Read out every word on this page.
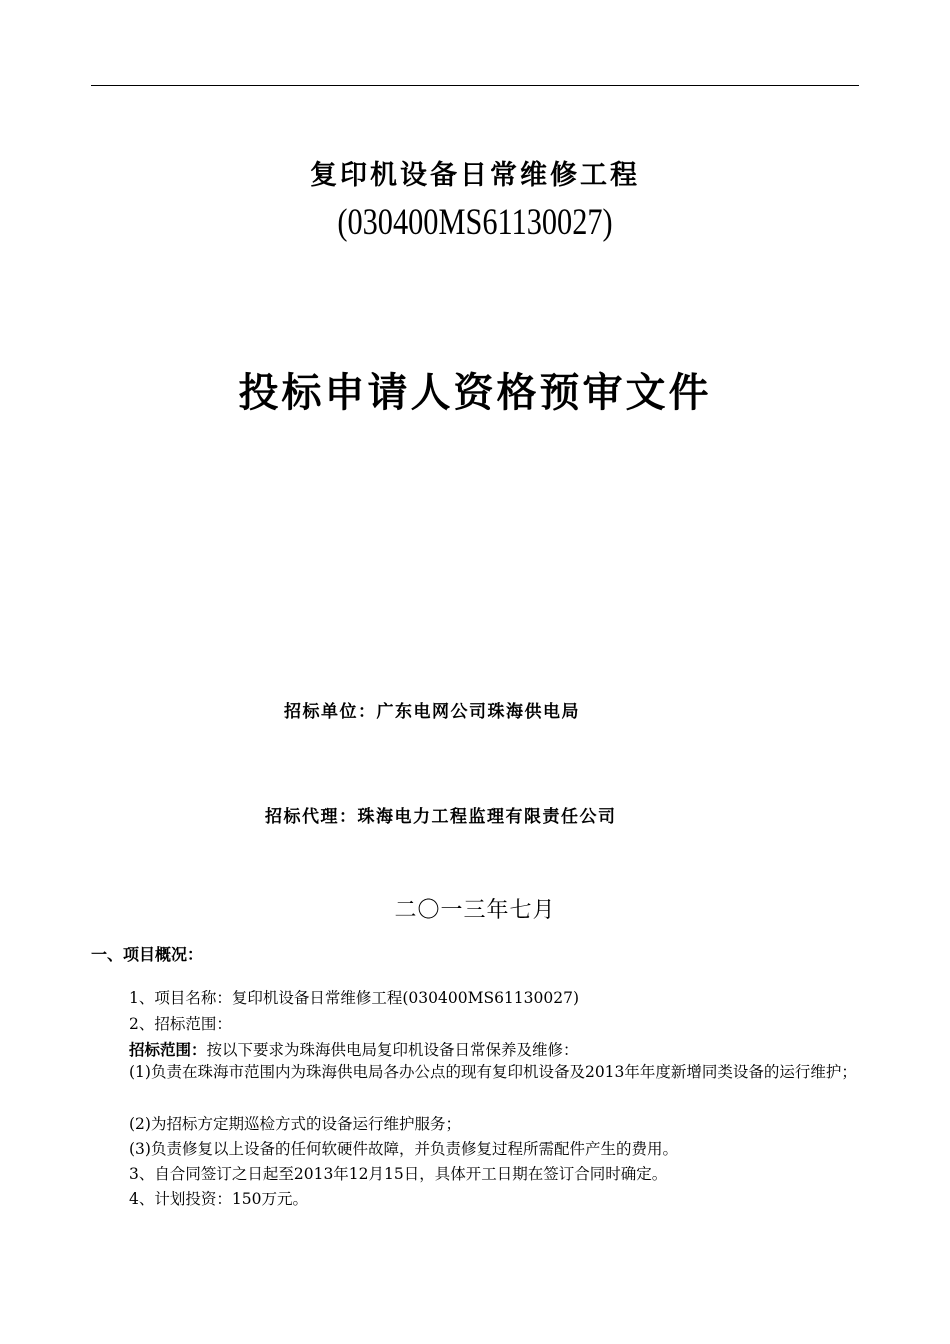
复印机设备日常维修工程
(030400MS61130027)
投标申请人资格预审文件
招标单位：广东电网公司珠海供电局
招标代理：珠海电力工程监理有限责任公司
二〇一三年七月
一、项目概况：
1、项目名称：复印机设备日常维修工程(030400MS61130027)
2、招标范围：
招标范围：按以下要求为珠海供电局复印机设备日常保养及维修：
(1)负责在珠海市范围内为珠海供电局各办公点的现有复印机设备及2013年年度新增同类设备的运行维护；
(2)为招标方定期巡检方式的设备运行维护服务；
(3)负责修复以上设备的任何软硬件故障，并负责修复过程所需配件产生的费用。
3、自合同签订之日起至2013年12月15日，具体开工日期在签订合同时确定。
4、计划投资：150万元。
